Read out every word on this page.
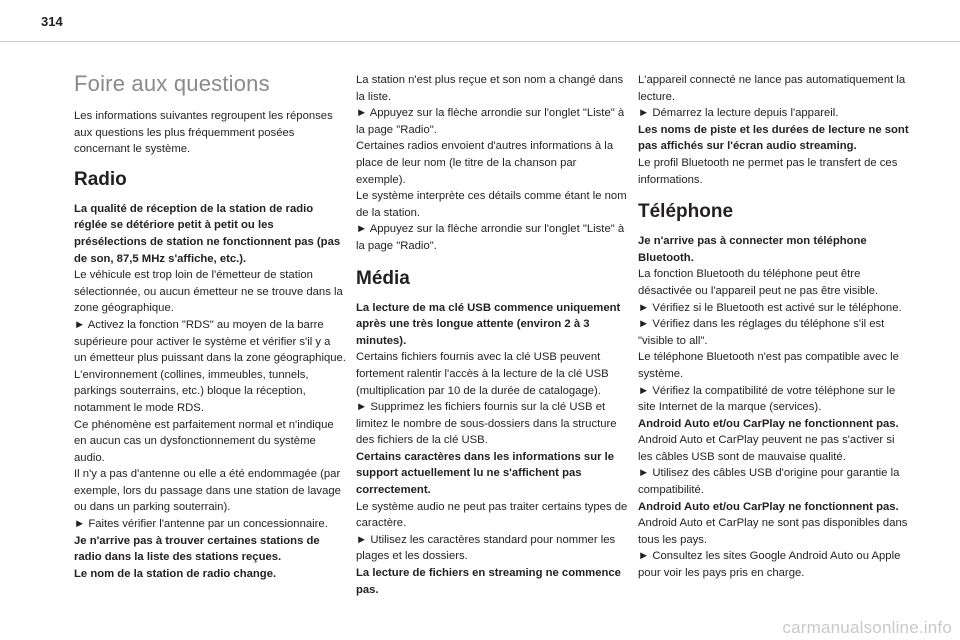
314
Foire aux questions

Les informations suivantes regroupent les réponses aux questions les plus fréquemment posées concernant le système.

Radio

La qualité de réception de la station de radio réglée se détériore petit à petit ou les présélections de station ne fonctionnent pas (pas de son, 87,5 MHz s'affiche, etc.).

Le véhicule est trop loin de l'émetteur de station sélectionnée, ou aucun émetteur ne se trouve dans la zone géographique.

► Activez la fonction "RDS" au moyen de la barre supérieure pour activer le système et vérifier s'il y a un émetteur plus puissant dans la zone géographique.

L'environnement (collines, immeubles, tunnels, parkings souterrains, etc.) bloque la réception, notamment le mode RDS.

Ce phénomène est parfaitement normal et n'indique en aucun cas un dysfonctionnement du système audio.

Il n'y a pas d'antenne ou elle a été endommagée (par exemple, lors du passage dans une station de lavage ou dans un parking souterrain).

► Faites vérifier l'antenne par un concessionnaire.

Je n'arrive pas à trouver certaines stations de radio dans la liste des stations reçues.

Le nom de la station de radio change.

La station n'est plus reçue et son nom a changé dans la liste.

► Appuyez sur la flèche arrondie sur l'onglet "Liste" à la page "Radio".

Certaines radios envoient d'autres informations à la place de leur nom (le titre de la chanson par exemple).

Le système interprète ces détails comme étant le nom de la station.

► Appuyez sur la flèche arrondie sur l'onglet "Liste" à la page "Radio".

Média

La lecture de ma clé USB commence uniquement après une très longue attente (environ 2 à 3 minutes).

Certains fichiers fournis avec la clé USB peuvent fortement ralentir l'accès à la lecture de la clé USB (multiplication par 10 de la durée de catalogage).

► Supprimez les fichiers fournis sur la clé USB et limitez le nombre de sous-dossiers dans la structure des fichiers de la clé USB.

Certains caractères dans les informations sur le support actuellement lu ne s'affichent pas correctement.

Le système audio ne peut pas traiter certains types de caractère.

► Utilisez les caractères standard pour nommer les plages et les dossiers.

La lecture de fichiers en streaming ne commence pas.

L'appareil connecté ne lance pas automatiquement la lecture.

► Démarrez la lecture depuis l'appareil.

Les noms de piste et les durées de lecture ne sont pas affichés sur l'écran audio streaming.

Le profil Bluetooth ne permet pas le transfert de ces informations.

Téléphone

Je n'arrive pas à connecter mon téléphone Bluetooth.

La fonction Bluetooth du téléphone peut être désactivée ou l'appareil peut ne pas être visible.

► Vérifiez si le Bluetooth est activé sur le téléphone.

► Vérifiez dans les réglages du téléphone s'il est "visible to all".

Le téléphone Bluetooth n'est pas compatible avec le système.

► Vérifiez la compatibilité de votre téléphone sur le site Internet de la marque (services).

Android Auto et/ou CarPlay ne fonctionnent pas.

Android Auto et CarPlay peuvent ne pas s'activer si les câbles USB sont de mauvaise qualité.

► Utilisez des câbles USB d'origine pour garantie la compatibilité.

Android Auto et/ou CarPlay ne fonctionnent pas.

Android Auto et CarPlay ne sont pas disponibles dans tous les pays.

► Consultez les sites Google Android Auto ou Apple pour voir les pays pris en charge.

carmanualsonline.info
